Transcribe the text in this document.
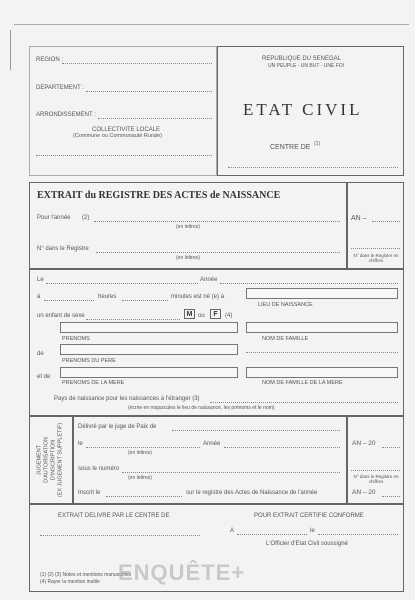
REGION :
DEPARTEMENT :
ARRONDISSEMENT :
COLLECTIVITE LOCALE
(Commune ou Communauté Rurale)
REPUBLIQUE DU SENEGAL
UN PEUPLE - UN BUT - UNE FOI
ETAT CIVIL
CENTRE DE (1)
EXTRAIT du REGISTRE DES ACTES de NAISSANCE
Pour l'année (2)
(en lettres)
N° dans le Registre
(en lettres)
AN –
N° dans le Registre en chiffres
Le	Année
à	heures	minutes est né (e) à
LIEU DE NAISSANCE
un enfant de sexe	M ou	F	(4)
PRENOMS	NOM DE FAMILLE
de
PRENOMS DU PERE
et de
PRENOMS DE LA MERE	NOM DE FAMILLE DE LA MERE
Pays de naissance pour les naissances à l'étranger (3)
(écrire en majuscules le lieu de naissance, les prénoms et le nom)
JUGEMENT D'AUTORISATION D'INSCRIPTION (EX JUGEMENT SUPPLETIF) Délivré par le juge de Paix de
le	Année
(en lettres)
sous le numéro
(en lettres)
Inscrit le	sur le registre des Actes de Naissance de l'année
AN – 20
N° dans le Registre en chiffres
AN – 20
EXTRAIT DELIVRE PAR LE CENTRE DE	POUR EXTRAIT CERTIFIE CONFORME
A	le
L'Officier d'Etat Civil soussigné
(1) (2) (3) Notes et mentions manuscrites
(4) Rayer la mention inutile ENQUÊTE+
